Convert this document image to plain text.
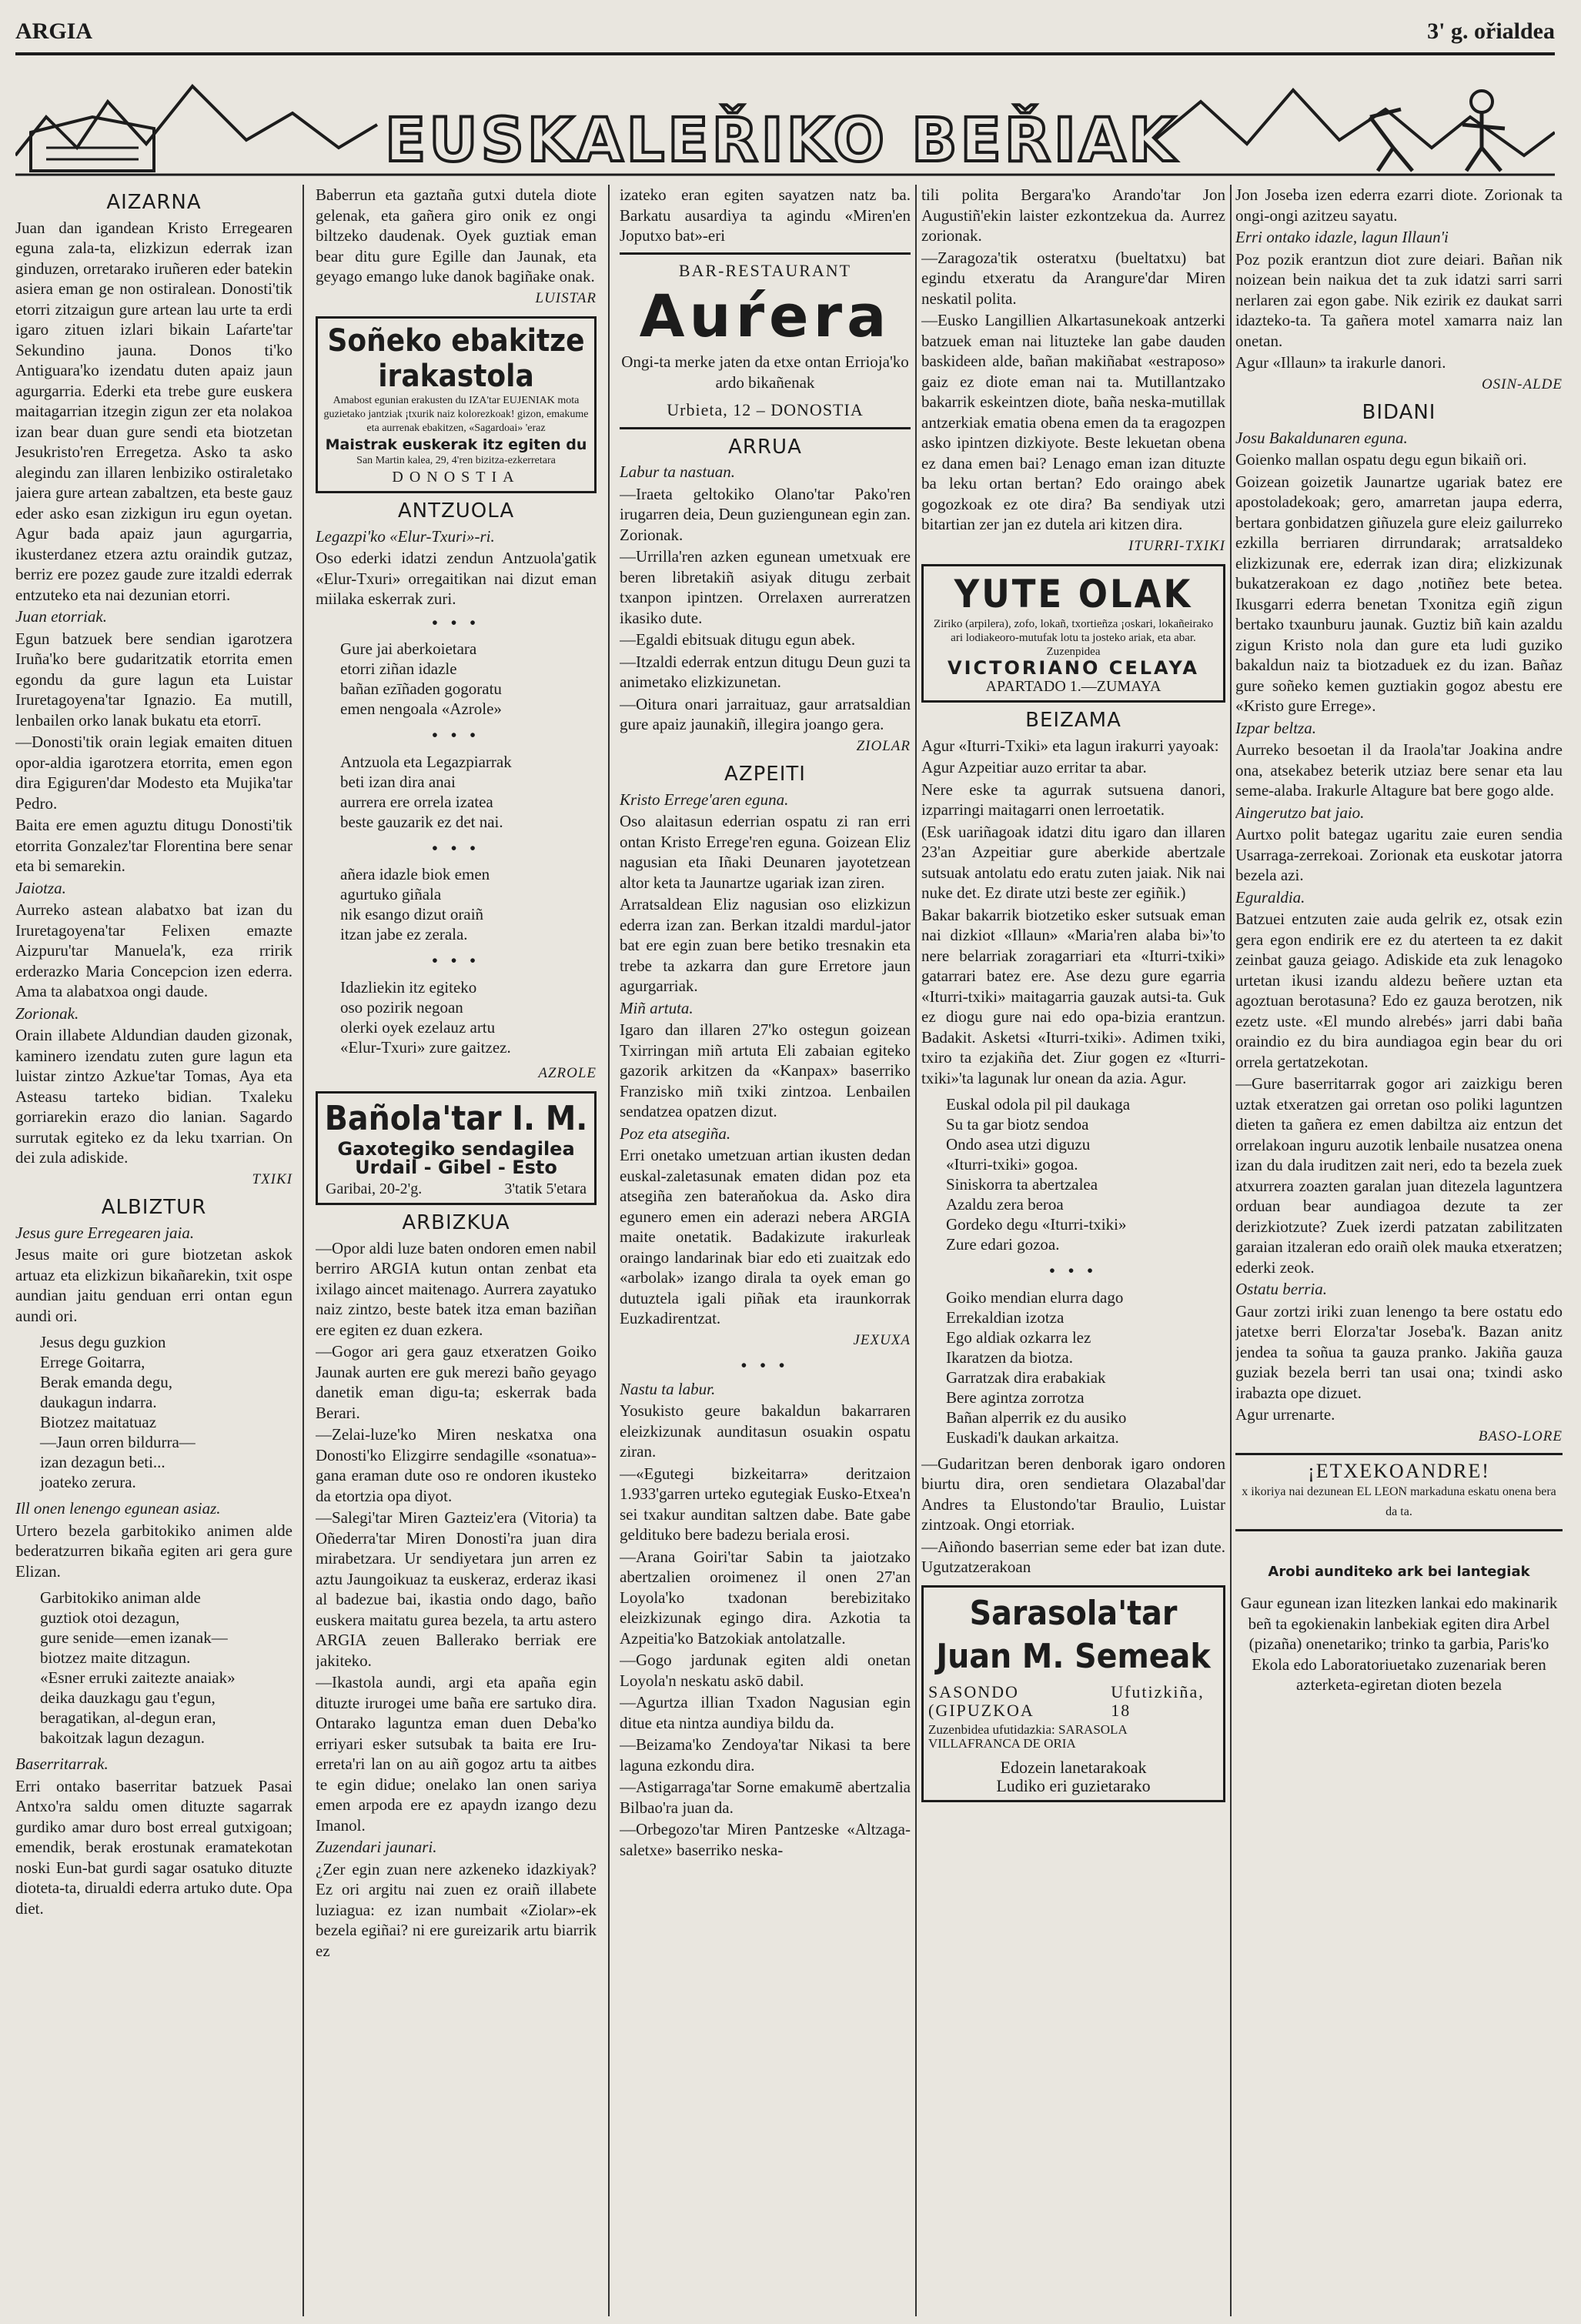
ARGIA	3' g. ořialdea
EUSKALEŘIKO BEŘIAK
AIZARNA

Juan dan igandean Kristo Erregearen eguna zala-ta, elizkizun ederrak izan ginduzen, orretarako iruñeren eder batekin asiera eman ge non ostiralean. Donosti'tik etorri zitzaigun gure artean lau urte ta erdi igaro zituen izlari bikain Laŕarte'tar Sekundino jauna. Donos ti'ko Antiguara'ko izendatu duten apaiz jaun agurgarria. Ederki eta trebe gure euskera maitagarrian itzegin zigun zer eta nolakoa izan bear duan gure sendi eta biotzetan Jesukristo'ren Erregetza. Asko ta asko alegindu zan illaren lenbiziko ostiraletako jaiera gure artean zabaltzen, eta beste gauz eder asko esan zizkigun iru egun oyetan. Agur bada apaiz jaun agurgarria, ikusterdanez etzera aztu oraindik gutzaz, berriz ere pozez gaude zure itzaldi ederrak entzuteko eta nai dezunian etorri.

Juan etorriak.

Egun batzuek bere sendian igarotzera Iruña'ko bere gudaritzatik etorrita emen egondu da gure lagun eta Luistar Iruretagoyena'tar Ignazio. Ea mutill, lenbailen orko lanak bukatu eta etorrī.

—Donosti'tik orain legiak emaiten dituen opor-aldia igarotzera etorrita, emen egon dira Egiguren'dar Modesto eta Mujika'tar Pedro.

Baita ere emen aguztu ditugu Donosti'tik etorrita Gonzalez'tar Florentina bere senar eta bi semarekin.

Jaiotza.

Aurreko astean alabatxo bat izan du Iruretagoyena'tar Felixen emazte Aizpuru'tar Manuela'k, eza rririk erderazko Maria Concepcion izen ederra. Ama ta alabatxoa ongi daude.

Zorionak.

Orain illabete Aldundian dauden gizonak, kaminero izendatu zuten gure lagun eta luistar zintzo Azkue'tar Tomas, Aya eta Asteasu tarteko bidian. Txaleku gorriarekin erazo dio lanian. Sagardo surrutak egiteko ez da leku txarrian. On dei zula adiskide.

TXIKI
ALBIZTUR
Jesus gure Erregearen jaia.

Jesus maite ori gure biotzetan askok artuaz eta elizkizun bikañarekin, txit ospe aundian jaitu genduan erri ontan egun aundi ori.

Jesus degu guzkion
Errege Goitarra,
Berak emanda degu,
daukagun indarra.
Biotzez maitatuaz
—Jaun orren bildurra—
izan dezagun beti...
joateko zerura.
Ill onen lenengo egunean asiaz.

Urtero bezela garbitokiko animen alde bederatzurren bikaña egiten ari gera gure Elizan.

Garbitokiko animan alde
guztiok otoi dezagun,
gure senide—emen izanak—
biotzez maite ditzagun.
«Esner erruki zaitezte anaiak»
deika dauzkagu gau t'egun,
beragatikan, al-degun eran,
bakoitzak lagun dezagun.
Baserritarrak.

Erri ontako baserritar batzuek Pasai Antxo'ra saldu omen dituzte sagarrak gurdiko amar duro bost erreal gutxigoan; emendik, berak erostunak eramatekotan noski Eun-bat gurdi sagar osatuko dituzte dioteta-ta, dirualdi ederra artuko dute. Opa diet.

Baberrun eta gaztaña gutxi dutela diote gelenak, eta gañera giro onik ez ongi biltzeko daudenak. Oyek guztiak eman bear ditu gure Egille dan Jaunak, eta geyago emango luke danok bagiñake onak.

LUISTAR
Soñeko ebakitze irakastola
Amabost egunian erakusten du IZA'tar EUJENIAK mota guzietako jantziak ¡txurik naiz kolorezkoak! gizon, emakume eta aurrenak ebakitzen, «Sagardoai» 'eraz
Maistrak euskerak itz egiten du
San Martin kalea, 29, 4'ren bizitza-ezkerretara
DONOSTIA
ANTZUOLA
Legazpi'ko «Elur-Txuri»-ri.

Oso ederki idatzi zendun Antzuola'gatik «Elur-Txuri» orregaitikan nai dizut eman miilaka eskerrak zuri.

• • •
Gure jai aberkoietara
etorri ziñan idazle
bañan ezīñaden gogoratu
emen nengoala «Azrole»
• • •
Antzuola eta Legazpiarrak
beti izan dira anai
aurrera ere orrela izatea
beste gauzarik ez det nai.
• • •
añera idazle biok emen
agurtuko giñala
nik esango dizut oraiñ
itzan jabe ez zerala.
• • •
Idazliekin itz egiteko
oso pozirik negoan
olerki oyek ezelauz artu
«Elur-Txuri» zure gaitzez.
AZROLE
Bañola'tar I. M.
Gaxotegiko sendagilea
Urdail - Gibel - Esto
Garibai, 20-2'g.	3'tatik 5'etara
ARBIZKUA

—Opor aldi luze baten ondoren emen nabil berriro ARGIA kutun ontan zenbat eta ixilago aincet maitenago. Aurrera zayatuko naiz zintzo, beste batek itza eman baziñan ere egiten ez duan ezkera.

—Gogor ari gera gauz etxeratzen Goiko Jaunak aurten ere guk merezi baño geyago danetik eman digu-ta; eskerrak bada Berari.

—Zelai-luze'ko Miren neskatxa ona Donosti'ko Elizgirre sendagille «sonatua»-gana eraman dute oso re ondoren ikusteko da etortzia opa diyot.

—Salegi'tar Miren Gazteiz'era (Vitoria) ta Oñederra'tar Miren Donosti'ra juan dira mirabetzara. Ur sendiyetara jun arren ez aztu Jaungoikuaz ta euskeraz, erderaz ikasi al badezue bai, ikastia ondo dago, baño euskera maitatu gurea bezela, ta artu astero ARGIA zeuen Ballerako berriak ere jakiteko.

—Ikastola aundi, argi eta apaña egin dituzte irurogei ume baña ere sartuko dira. Ontarako laguntza eman duen Deba'ko erriyari esker sutsubak ta baita ere Iru-erreta'ri lan on au aiñ gogoz artu ta aitbes te egin didue; onelako lan onen sariya emen arpoda ere ez apaydn izango dezu Imanol.

Zuzendari jaunari.

¿Zer egin zuan nere azkeneko idazkiyak? Ez ori argitu nai zuen ez oraiñ illabete luziagua: ez izan numbait «Ziolar»-ek bezela egiñai? ni ere gureizarik artu biarrik ez

izateko eran egiten sayatzen natz ba. Barkatu ausardiya ta agindu «Miren'en Joputxo bat»-eri

BAR-RESTAURANT
Auŕera
Ongi-ta merke jaten da etxe ontan Errioja'ko ardo bikañenak
Urbieta, 12 – DONOSTIA
ARRUA
Labur ta nastuan.

—Iraeta geltokiko Olano'tar Pako'ren irugarren deia, Deun guziengunean egin zan. Zorionak.

—Urrilla'ren azken egunean umetxuak ere beren libretakiñ asiyak ditugu zerbait txanpon ipintzen. Orrelaxen aurreratzen ikasiko dute.

—Egaldi ebitsuak ditugu egun abek.

—Itzaldi ederrak entzun ditugu Deun guzi ta animetako elizkizunetan.

—Oitura onari jarraituaz, gaur arratsaldian gure apaiz jaunakiñ, illegira joango gera.

ZIOLAR
AZPEITI
Kristo Errege'aren eguna.

Oso alaitasun ederrian ospatu zi ran erri ontan Kristo Errege'ren eguna. Goizean Eliz nagusian eta Iñaki Deunaren jayotetzean altor keta ta Jaunartze ugariak izan ziren.

Arratsaldean Eliz nagusian oso elizkizun ederra izan zan. Berkan itzaldi mardul-jator bat ere egin zuan bere betiko tresnakin eta trebe ta azkarra dan gure Erretore jaun agurgarriak.

Miñ artuta.

Igaro dan illaren 27'ko ostegun goizean Txirringan miñ artuta Eli zabaian egiteko gazorik arkitzen da «Kanpax» baserriko Franzisko miñ txiki zintzoa. Lenbailen sendatzea opatzen dizut.

Poz eta atsegiña.

Erri onetako umetzuan artian ikusten dedan euskal-zaletasunak ematen didan poz eta atsegiña zen bateraňokua da. Asko dira egunero emen ein aderazi nebera ARGIA maite onetatik. Badakizute irakurleak oraingo landarinak biar edo eti zuaitzak edo «arbolak» izango dirala ta oyek eman go dutuztela igali piñak eta iraunkorrak Euzkadirentzat.

JEXUXA
• • •
Nastu ta labur.

Yosukisto geure bakaldun bakarraren eleizkizunak aunditasun osuakin ospatu ziran.

—«Egutegi bizkeitarra» deritzaion 1.933'garren urteko egutegiak Eusko-Etxea'n sei txakur aunditan saltzen dabe. Bate gabe geldituko bere badezu beriala erosi.

—Arana Goiri'tar Sabin ta jaiotzako abertzalien oroimenez il onen 27'an Loyola'ko txadonan berebizitako eleizkizunak egingo dira. Azkotia ta Azpeitia'ko Batzokiak antolatzalle.

—Gogo jardunak egiten aldi onetan Loyola'n neskatu askō dabil.

—Agurtza illian Txadon Nagusian egin ditue eta nintza aundiya bildu da.

—Beizama'ko Zendoya'tar Nikasi ta bere laguna ezkondu dira.

—Astigarraga'tar Sorne emakumē abertzalia Bilbao'ra juan da.

—Orbegozo'tar Miren Pantzeske «Altzaga-saletxe» baserriko neska-

tili polita Bergara'ko Arando'tar Jon Augustiñ'ekin laister ezkontzekua da. Aurrez zorionak.

—Zaragoza'tik osteratxu (bueltatxu) bat egindu etxeratu da Arangure'dar Miren neskatil polita.

—Eusko Langillien Alkartasunekoak antzerki batzuek eman nai lituzteke lan gabe dauden baskideen alde, bañan makiñabat «estraposo» gaiz ez diote eman nai ta. Mutillantzako bakarrik eskeintzen diote, baña neska-mutillak antzerkiak ematia obena emen da ta eragozpen asko ipintzen dizkiyote. Beste lekuetan obena ez dana emen bai? Lenago eman izan dituzte ba leku ortan bertan? Edo oraingo abek gogozkoak ez ote dira? Ba sendiyak utzi bitartian zer jan ez dutela ari kitzen dira.

ITURRI-TXIKI
YUTE OLAK
Ziriko (arpilera), zofo, lokañ, txortieñza ¡oskari, lokañeirako ari lodiakeoro-mutufak lotu ta josteko ariak, eta abar. Zuzenpidea
VICTORIANO CELAYA
APARTADO 1.—ZUMAYA
BEIZAMA

Agur «Iturri-Txiki» eta lagun irakurri yayoak:

Agur Azpeitiar auzo erritar ta abar.

Nere eske ta agurrak sutsuena danori, izparringi maitagarri onen lerroetatik.

(Esk uariñagoak idatzi ditu igaro dan illaren 23'an Azpeitiar gure aberkide abertzale sutsuak antolatu edo eratu zuten jaiak. Nik nai nuke det. Ez dirate utzi beste zer egiñik.)

Bakar bakarrik biotzetiko esker sutsuak eman nai dizkiot «Illaun» «Maria'ren alaba bi»'to nere belarriak zoragarriari eta «Iturri-txiki» gatarrari batez ere. Ase dezu gure egarria «Iturri-txiki» maitagarria gauzak autsi-ta. Guk ez diogu gure nai edo opa-bizia erantzun. Badakit. Asketsi «Iturri-txiki». Adimen txiki, txiro ta ezjakiña det. Ziur gogen ez «Iturri-txiki»'ta lagunak lur onean da azia. Agur.

Euskal odola pil pil daukaga
Su ta gar biotz sendoa
Ondo asea utzi diguzu
«Iturri-txiki» gogoa.
Siniskorra ta abertzalea
Azaldu zera beroa
Gordeko degu «Iturri-txiki»
Zure edari gozoa.
• • •
Goiko mendian elurra dago
Errekaldian izotza
Ego aldiak ozkarra lez
Ikaratzen da biotza.
Garratzak dira erabakiak
Bere agintza zorrotza
Bañan alperrik ez du ausiko
Euskadi'k daukan arkaitza.

—Gudaritzan beren denborak igaro ondoren biurtu dira, oren sendietara Olazabal'dar Andres ta Elustondo'tar Braulio, Luistar zintzoak. Ongi etorriak.

—Aiñondo baserrian seme eder bat izan dute. Ugutzatzerakoan

Sarasola'tar Juan M. Semeak
SASONDO (GIPUZKOA
Ufutizkiña, 18
Zuzenbidea ufutidazkia: SARASOLA VILLAFRANCA DE ORIA
Edozein lanetarakoak
Ludiko eri guzietarako

Jon Joseba izen ederra ezarri diote. Zorionak ta ongi-ongi azitzeu sayatu.

Erri ontako idazle, lagun Illaun'i

Poz pozik erantzun diot zure deiari. Bañan nik noizean bein naikua det ta zuk idatzi sarri sarri nerlaren zai egon gabe. Nik ezirik ez daukat sarri idazteko-ta. Ta gañera motel xamarra naiz lan onetan.

Agur «Illaun» ta irakurle danori.

OSIN-ALDE
BIDANI
Josu Bakaldunaren eguna.

Goienko mallan ospatu degu egun bikaiñ ori.

Goizean goizetik Jaunartze ugariak batez ere apostoladekoak; gero, amarretan jaupa ederra, bertara gonbidatzen giñuzela gure eleiz gailurreko ezkilla berriaren dirrundarak; arratsaldeko elizkizunak ere, ederrak izan dira; elizkizunak bukatzerakoan ez dago ,notiñez bete betea. Ikusgarri ederra benetan Txonitza egiñ zigun bertako txaunburu jaunak. Guztiz biñ kain azaldu zigun Kristo nola dan gure eta ludi guziko bakaldun naiz ta biotzaduek ez du izan. Bañaz gure soñeko kemen guztiakin gogoz abestu ere «Kristo gure Errege».

Izpar beltza.

Aurreko besoetan il da Iraola'tar Joakina andre ona, atsekabez beterik utziaz bere senar eta lau seme-alaba. Irakurle Altagure bat bere gogo alde.

Aingerutzo bat jaio.

Aurtxo polit bategaz ugaritu zaie euren sendia Usarraga-zerrekoai. Zorionak eta euskotar jatorra bezela azi.

Eguraldia.

Batzuei entzuten zaie auda gelrik ez, otsak ezin gera egon endirik ere ez du aterteen ta ez dakit zeinbat gauza geiago. Adiskide eta zuk lenagoko urtetan ikusi izandu aldezu beñere uztan eta agoztuan berotasuna? Edo ez gauza berotzen, nik ezetz uste. «El mundo alrebés» jarri dabi baña oraindio ez du bira aundiagoa egin bear du ori orrela gertatzekotan.

—Gure baserritarrak gogor ari zaizkigu beren uztak etxeratzen gai orretan oso poliki laguntzen dieten ta gañera ez emen dabiltza aiz entzun det orrelakoan inguru auzotik lenbaile nusatzea onena izan du dala iruditzen zait neri, edo ta bezela zuek atxurrera zoazten garalan juan ditezela laguntzera orduan bear aundiagoa dezute ta zer derizkiotzute? Zuek izerdi patzatan zabilitzaten garaian itzaleran edo oraiñ olek mauka etxeratzen; ederki zeok.

Ostatu berria.

Gaur zortzi iriki zuan lenengo ta bere ostatu edo jatetxe berri Elorza'tar Joseba'k. Bazan anitz jendea ta soñua ta gauza pranko. Jakiña gauza guziak bezela berri tan usai ona; txindi asko irabazta ope dizuet.

Agur urrenarte.

BASO-LORE
¡ETXEKOANDRE!
x ikoriya nai dezunean EL LEON markaduna eskatu onena bera da ta.
Arobi aunditeko ark bei lantegiak

Gaur egunean izan litezken lankai edo makinarik beñ ta egokienakin lanbekiak egiten dira Arbel (pizaña) onenetariko; trinko ta garbia, Paris'ko Ekola edo Laboratoriuetako zuzenariak beren azterketa-egiretan dioten bezela
